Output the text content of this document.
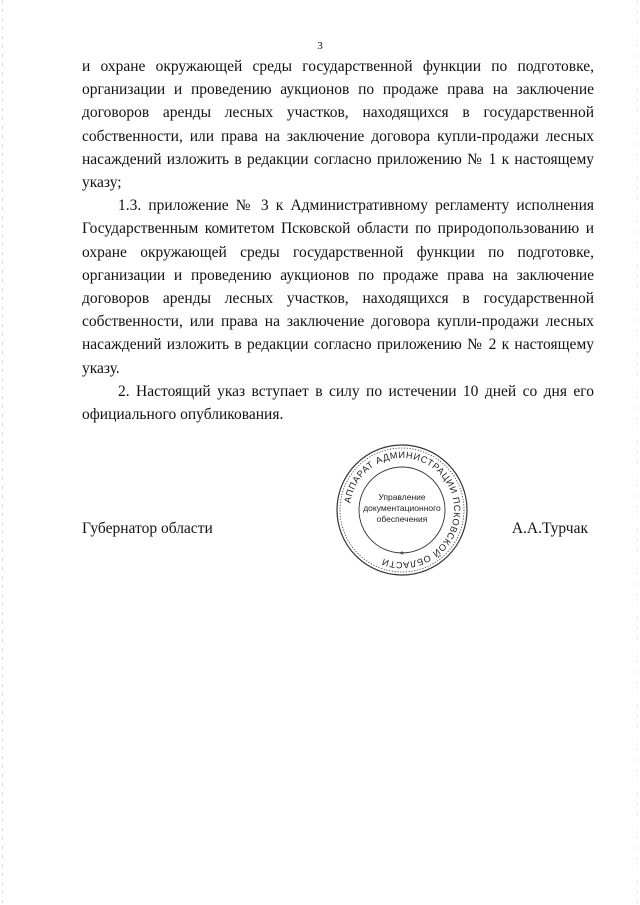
3

и охране окружающей среды государственной функции по подготовке, организации и проведению аукционов по продаже права на заключение договоров аренды лесных участков, находящихся в государственной собственности, или права на заключение договора купли-продажи лесных насаждений изложить в редакции согласно приложению № 1 к настоящему указу;

1.3. приложение № 3 к Административному регламенту исполнения Государственным комитетом Псковской области по природопользованию и охране окружающей среды государственной функции по подготовке, организации и проведению аукционов по продаже права на заключение договоров аренды лесных участков, находящихся в государственной собственности, или права на заключение договора купли-продажи лесных насаждений изложить в редакции согласно приложению № 2 к настоящему указу.

2. Настоящий указ вступает в силу по истечении 10 дней со дня его официального опубликования.

Губернатор области
АППАРАТ АДМИНИСТРАЦИИ ПСКОВСКОЙ ОБЛАСТИ
*
Управление
документационного
обеспечения
А.А.Турчак
